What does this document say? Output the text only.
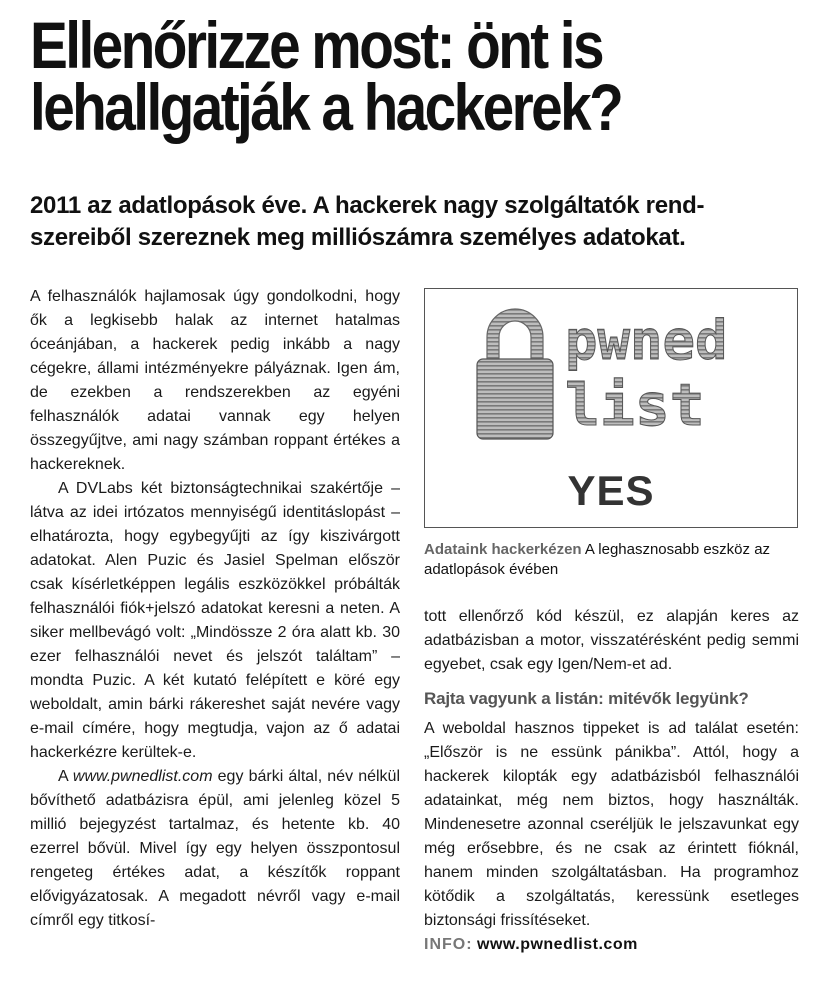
Ellenőrizze most: önt is
lehallgatják a hackerek?

2011 az adatlopások éve. A hackerek nagy szolgáltatók rend-
szereiből szereznek meg milliószámra személyes adatokat.

A felhasználók hajlamosak úgy gondolkodni, hogy ők a legkisebb halak az internet hatalmas óceánjában, a hackerek pedig inkább a nagy cégekre, állami intézményekre pályáznak. Igen ám, de ezekben a rendszerekben az egyéni felhasználók adatai vannak egy helyen összegyűjtve, ami nagy számban roppant értékes a hackereknek.

A DVLabs két biztonságtechnikai szakértője – látva az idei irtózatos mennyiségű identitáslopást – elhatározta, hogy egybegyűjti az így kiszivárgott adatokat. Alen Puzic és Jasiel Spelman először csak kísérletképpen legális eszközökkel próbálták felhasználói fiók+jelszó adatokat keresni a neten. A siker mellbevágó volt: „Mindössze 2 óra alatt kb. 30 ezer felhasználói nevet és jelszót találtam” – mondta Puzic. A két kutató felépített e köré egy weboldalt, amin bárki rákereshet saját nevére vagy e-mail címére, hogy megtudja, vajon az ő adatai hackerkézre kerültek-e.

A www.pwnedlist.com egy bárki által, név nélkül bővíthető adatbázisra épül, ami jelenleg közel 5 millió bejegyzést tartalmaz, és hetente kb. 40 ezerrel bővül. Mivel így egy helyen összpontosul rengeteg értékes adat, a készítők roppant elővigyázatosak. A megadott névről vagy e-mail címről egy titkosí-

pwned
list
YES
Adataink hackerkézen A leghasznosabb eszköz az adatlopások évében

tott ellenőrző kód készül, ez alapján keres az adatbázisban a motor, visszatérésként pedig semmi egyebet, csak egy Igen/Nem-et ad.

Rajta vagyunk a listán: mitévők legyünk?

A weboldal hasznos tippeket is ad találat esetén: „Először is ne essünk pánikba”. Attól, hogy a hackerek kilopták egy adatbázisból felhasználói adatainkat, még nem biztos, hogy használták. Mindenesetre azonnal cseréljük le jelszavunkat egy még erősebbre, és ne csak az érintett fióknál, hanem minden szolgáltatásban. Ha programhoz kötődik a szolgáltatás, keressünk esetleges biztonsági frissítéseket.

INFO: www.pwnedlist.com
